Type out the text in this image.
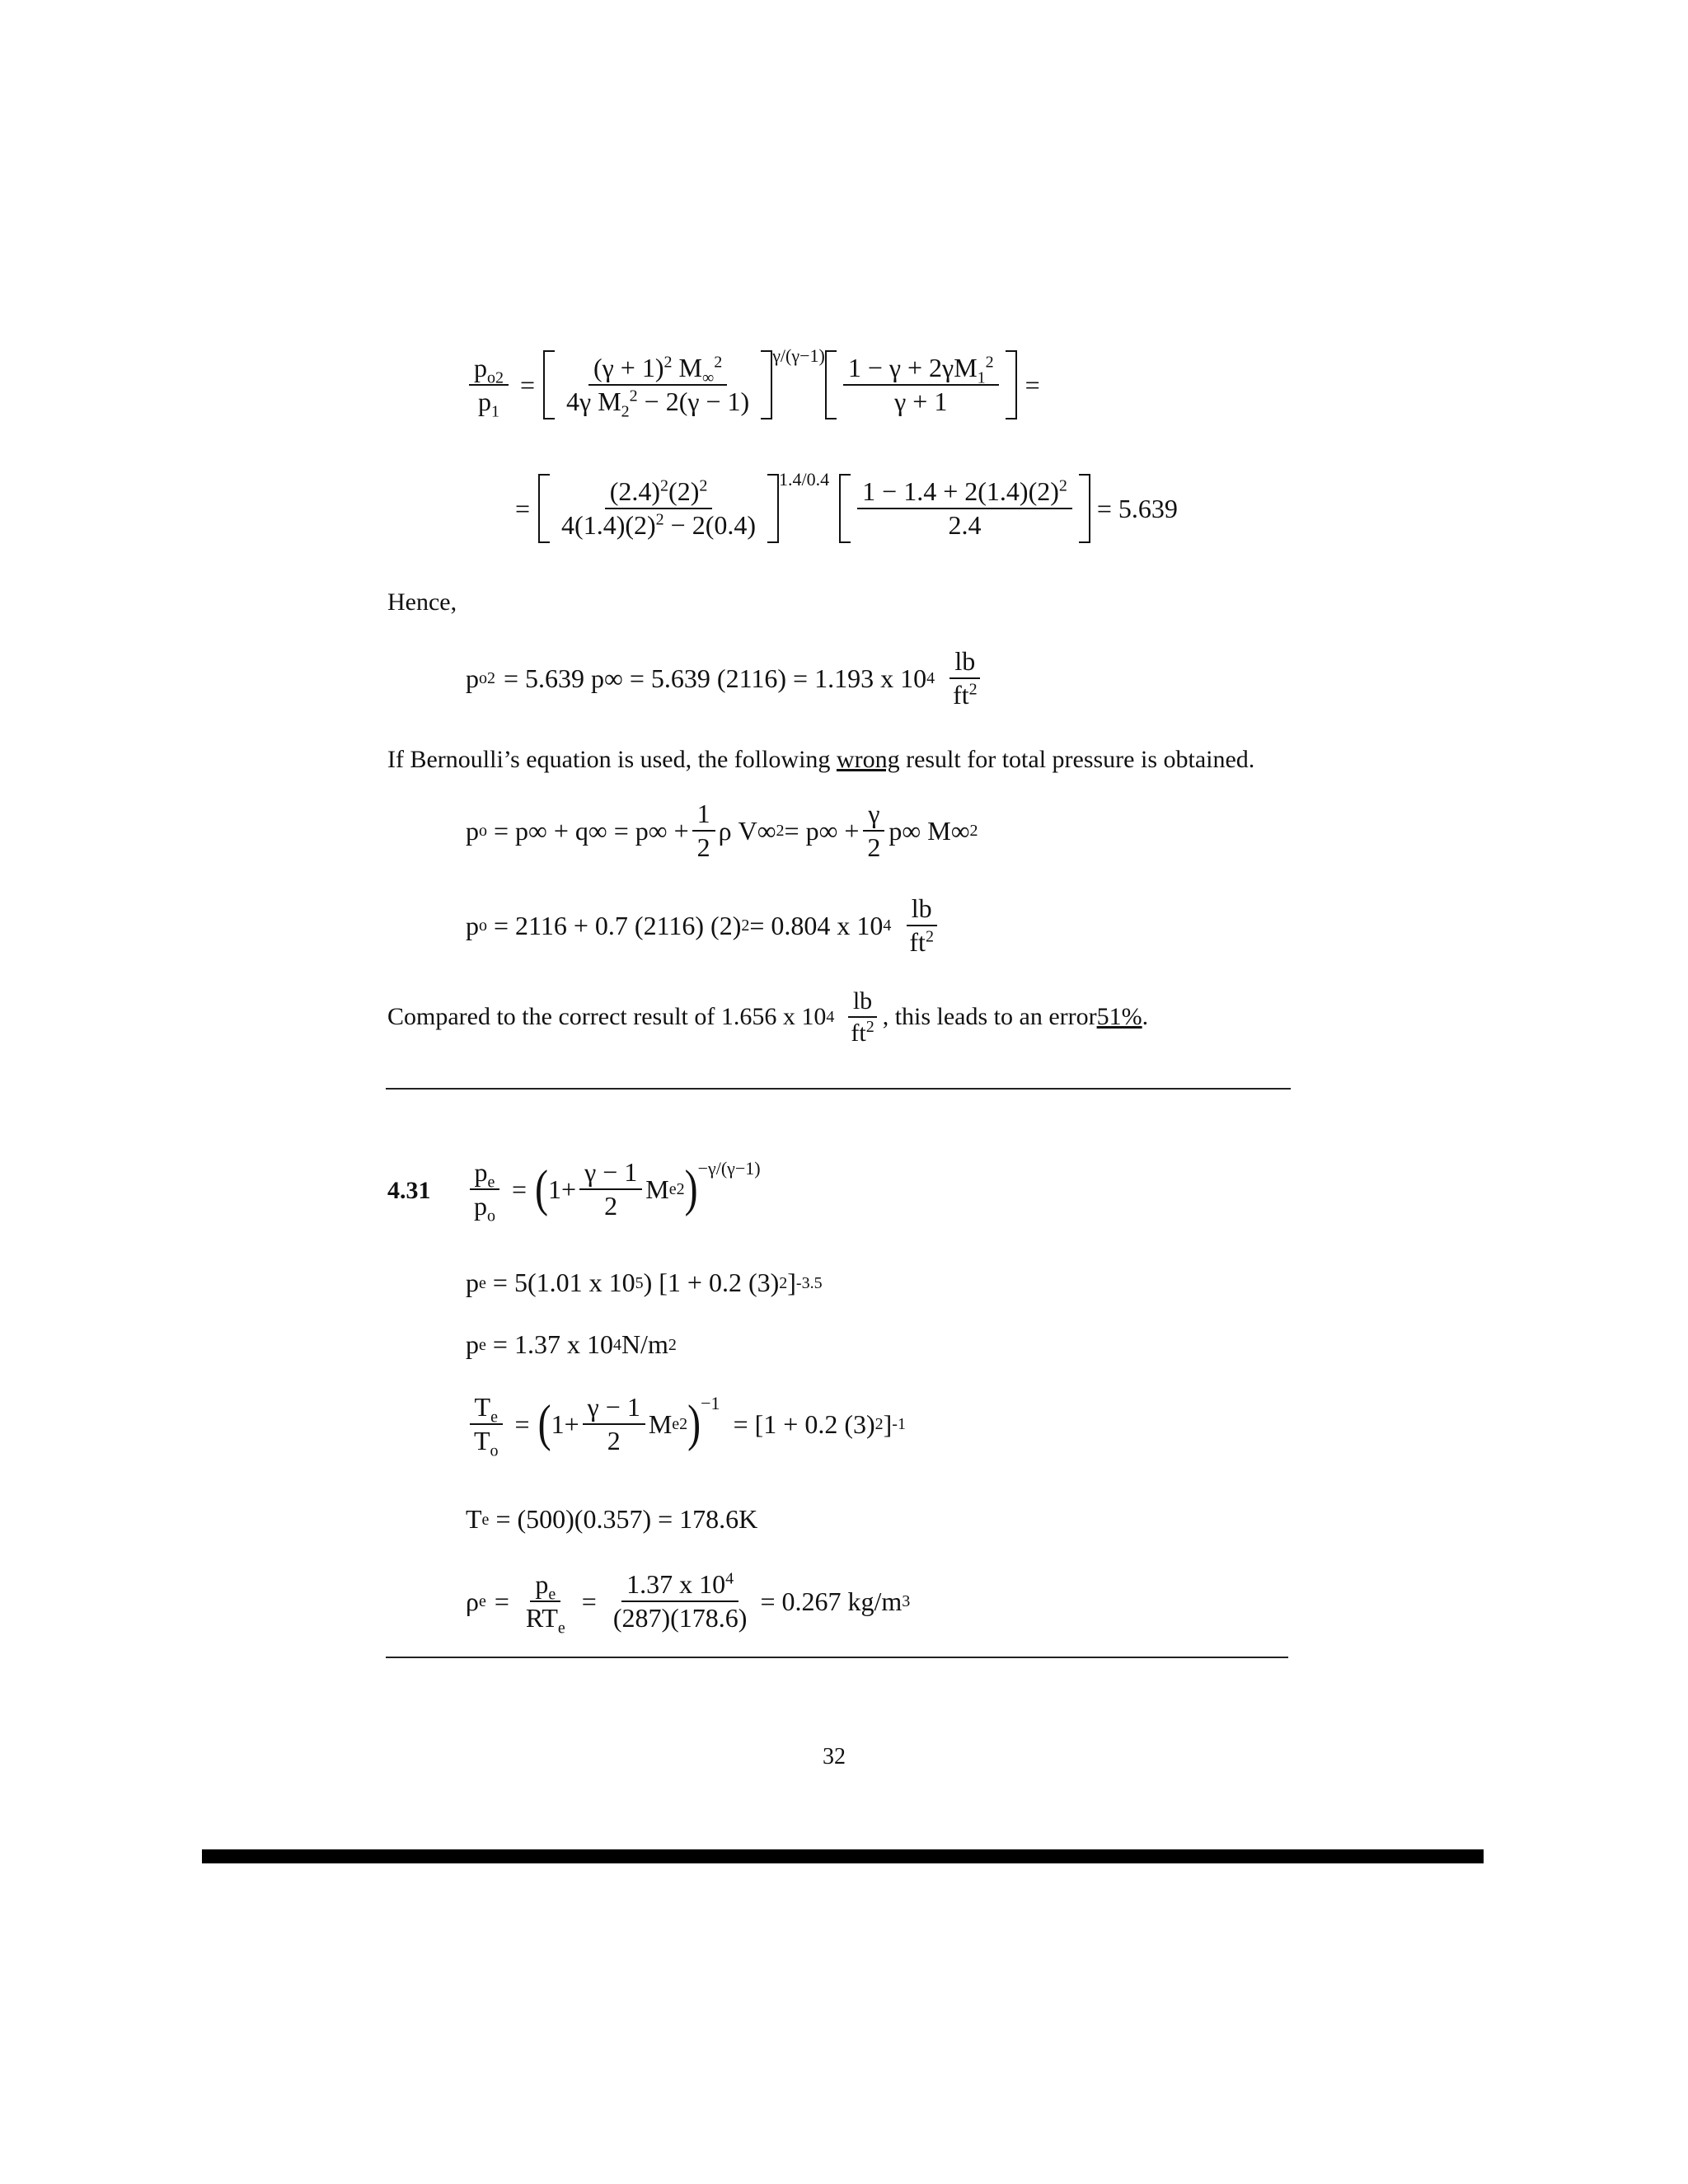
$\frac{p_{o2}}{p_1} = \frac{(\gamma + 1)^2 M_\infty^2}{4\gamma M_2^2 - 2(\gamma - 1)} \gamma/(\gamma-1) \frac{1 - \gamma + 2\gamma M_1^2}{\gamma + 1}$ =
= $\frac{(2.4)^2(2)^2}{4(1.4)(2)^2 - 2(0.4)} 1.4/0.4 \frac{1 - 1.4 + 2(1.4)(2)^2}{2.4} = 5.639$
Hence,
p o2 = 5.639 p∞ = 5.639 (2116) = 1.193 x 10 $4 \frac{lb}{ft^2}$
If Bernoulli’s equation is used, the following wrong result for total pressure is obtained.
p $o = p\infty + q\infty = p\infty + \frac{1}{2}$ ρ V∞ $2 = p\infty + \frac{\gamma}{2} p\infty$ M∞ 2
p o = 2116 + 0.7 (2116) (2) 2 = 0.804 x 10 $4 \frac{lb}{ft^2}$
Compared to the correct result of 1.656 x 10 $4 \frac{lb}{ft^2}$ , this leads to an error 51% .
$4.31 \frac{p_e}{p_o}$ = ( $1+ \frac{\gamma - 1}{2}$ M e 2 ) −γ/(γ−1)
p e = 5(1.01 x 10 5 ) [1 + 0.2 (3) 2 ] -3.5
p e = 1.37 x 10 4 N/m 2
$\frac{T_e}{T_o}$ = ( $1+ \frac{\gamma - 1}{2}$ M e 2 ) −1
= [1 + 0.2 (3) 2 ] -1
T e = (500)(0.357) = 178.6K
ρ $e = \frac{p_e}{RT_e} = \frac{1.37 x 10^4}{(287)(178.6)} = 0.267$ kg/m 3
32
